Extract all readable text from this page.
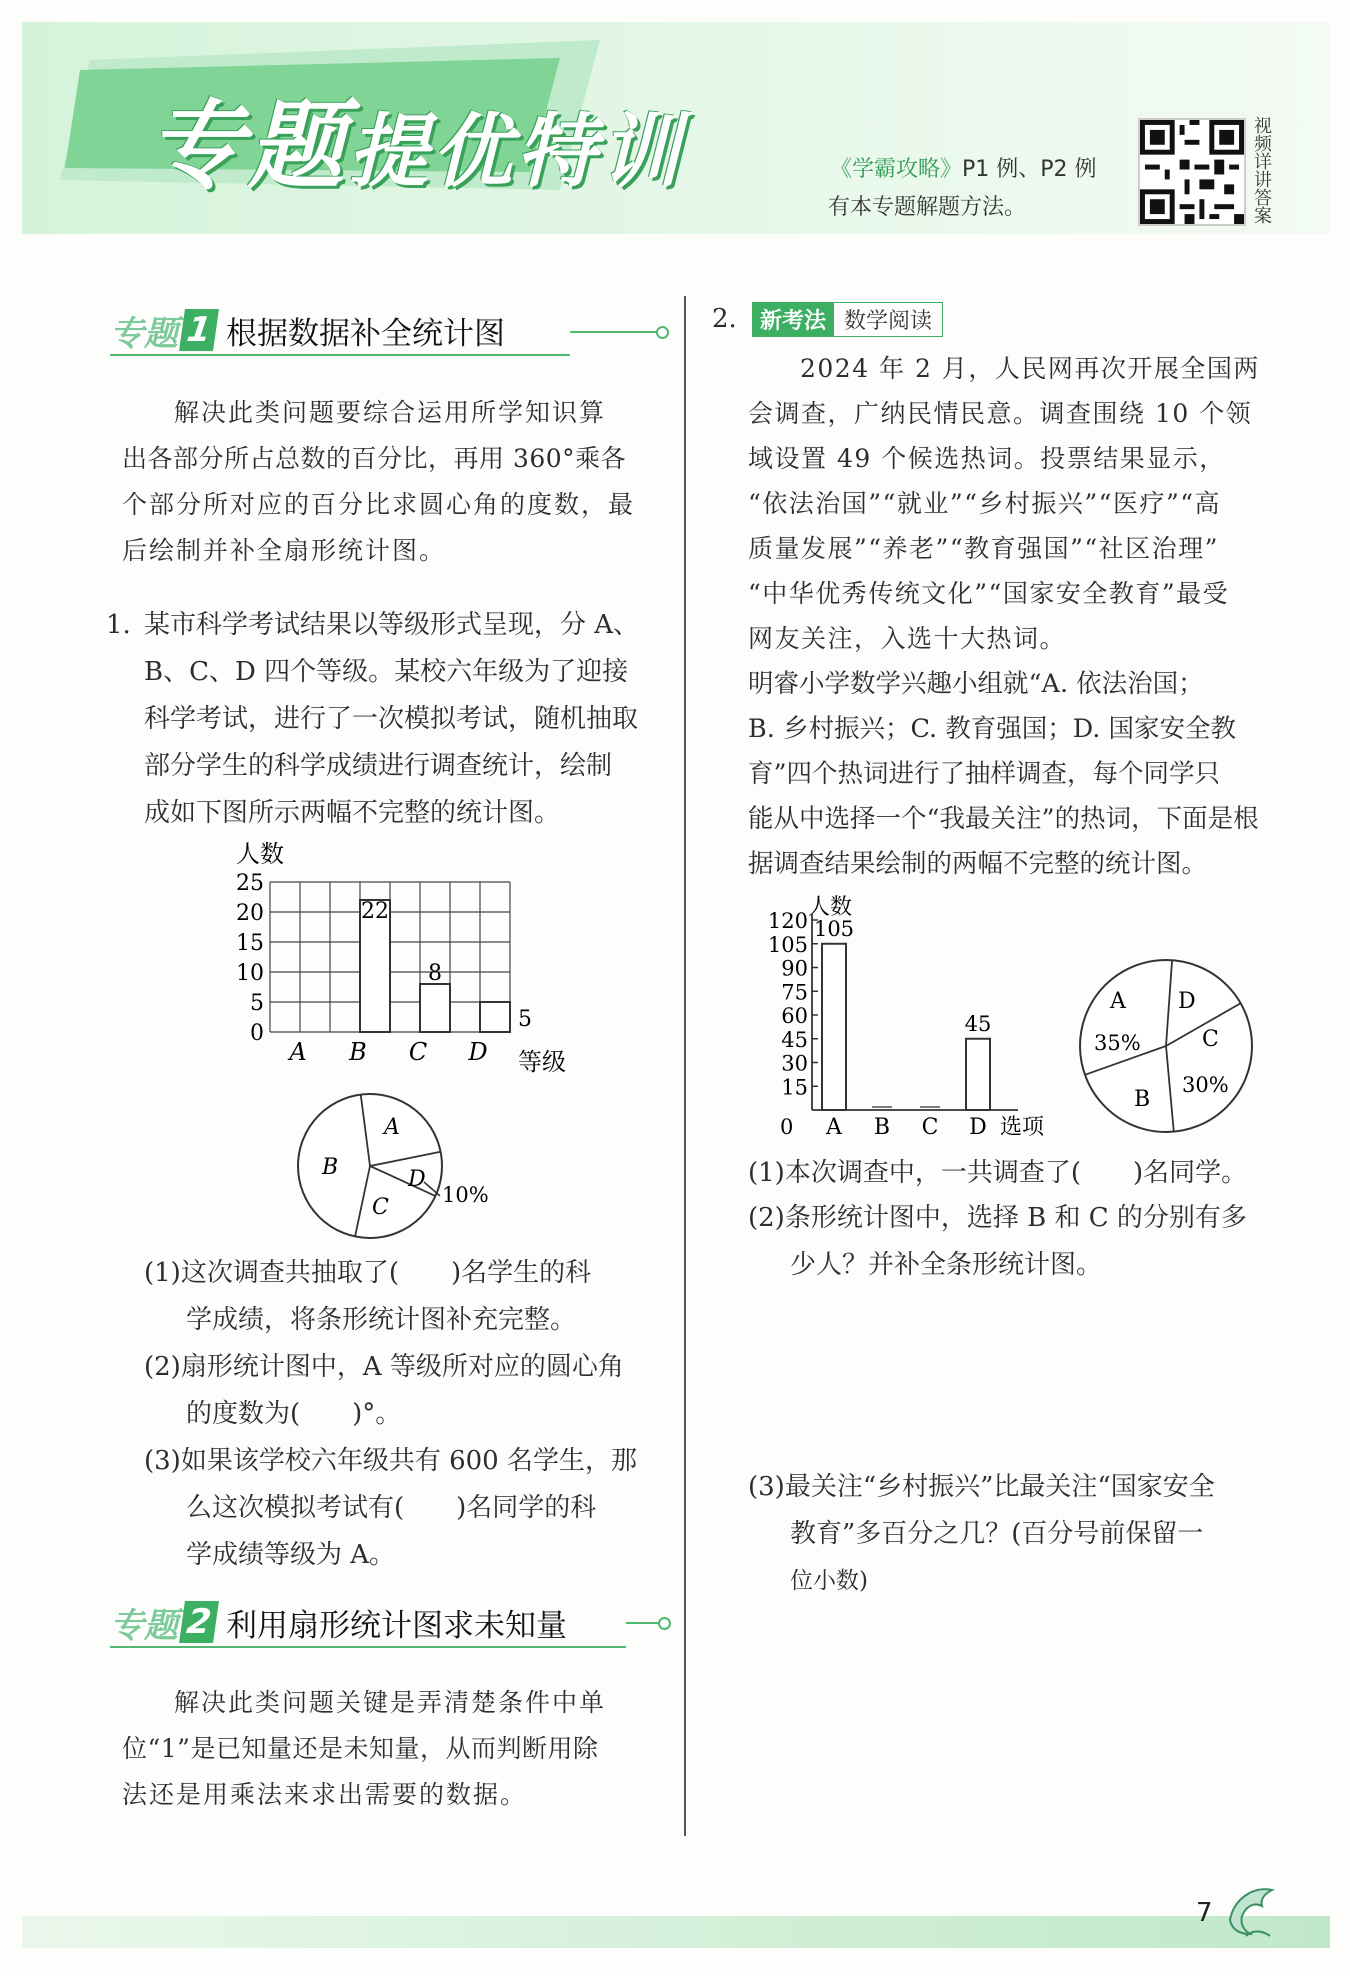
专题提优特训	《学霸攻略》P1 例、P2 例
有本专题解题方法。	视频详讲答案
专题 1 根据数据补全统计图
解决此类问题要综合运用所学知识算
出各部分所占总数的百分比，再用 360°乘各
个部分所对应的百分比求圆心角的度数，最
后绘制并补全扇形统计图。
1. 某市科学考试结果以等级形式呈现，分 A、
B、C、D 四个等级。某校六年级为了迎接
科学考试，进行了一次模拟考试，随机抽取
部分学生的科学成绩进行调查统计，绘制
成如下图所示两幅不完整的统计图。
人数
等级
0
5
10
15
20
25
A B C D
22
8
5
A
B
C
D
10%
(1)这次调查共抽取了(　　)名学生的科
学成绩，将条形统计图补充完整。
(2)扇形统计图中，A 等级所对应的圆心角
的度数为(　　)°。
(3)如果该学校六年级共有 600 名学生，那
么这次模拟考试有(　　)名同学的科
学成绩等级为 A。
专题 2 利用扇形统计图求未知量
解决此类问题关键是弄清楚条件中单
位“1”是已知量还是未知量，从而判断用除
法还是用乘法来求出需要的数据。
2.	新考法 数学阅读
2024 年 2 月，人民网再次开展全国两
会调查，广纳民情民意。调查围绕 10 个领
域设置 49 个候选热词。投票结果显示，
“依法治国”“就业”“乡村振兴”“医疗”“高
质量发展”“养老”“教育强国”“社区治理”
“中华优秀传统文化”“国家安全教育”最受
网友关注，入选十大热词。
明睿小学数学兴趣小组就“A. 依法治国；
B. 乡村振兴；C. 教育强国；D. 国家安全教
育”四个热词进行了抽样调查，每个同学只
能从中选择一个“我最关注”的热词，下面是根
据调查结果绘制的两幅不完整的统计图。
人数
选项
0
15
30
45
60
75
90
105
120 105
A B C
45
D
A
35%
B
C
30%
D
(1)本次调查中，一共调查了(　　)名同学。
(2)条形统计图中，选择 B 和 C 的分别有多
少人？并补全条形统计图。
(3)最关注“乡村振兴”比最关注“国家安全
教育”多百分之几？(百分号前保留一
位小数)
7
